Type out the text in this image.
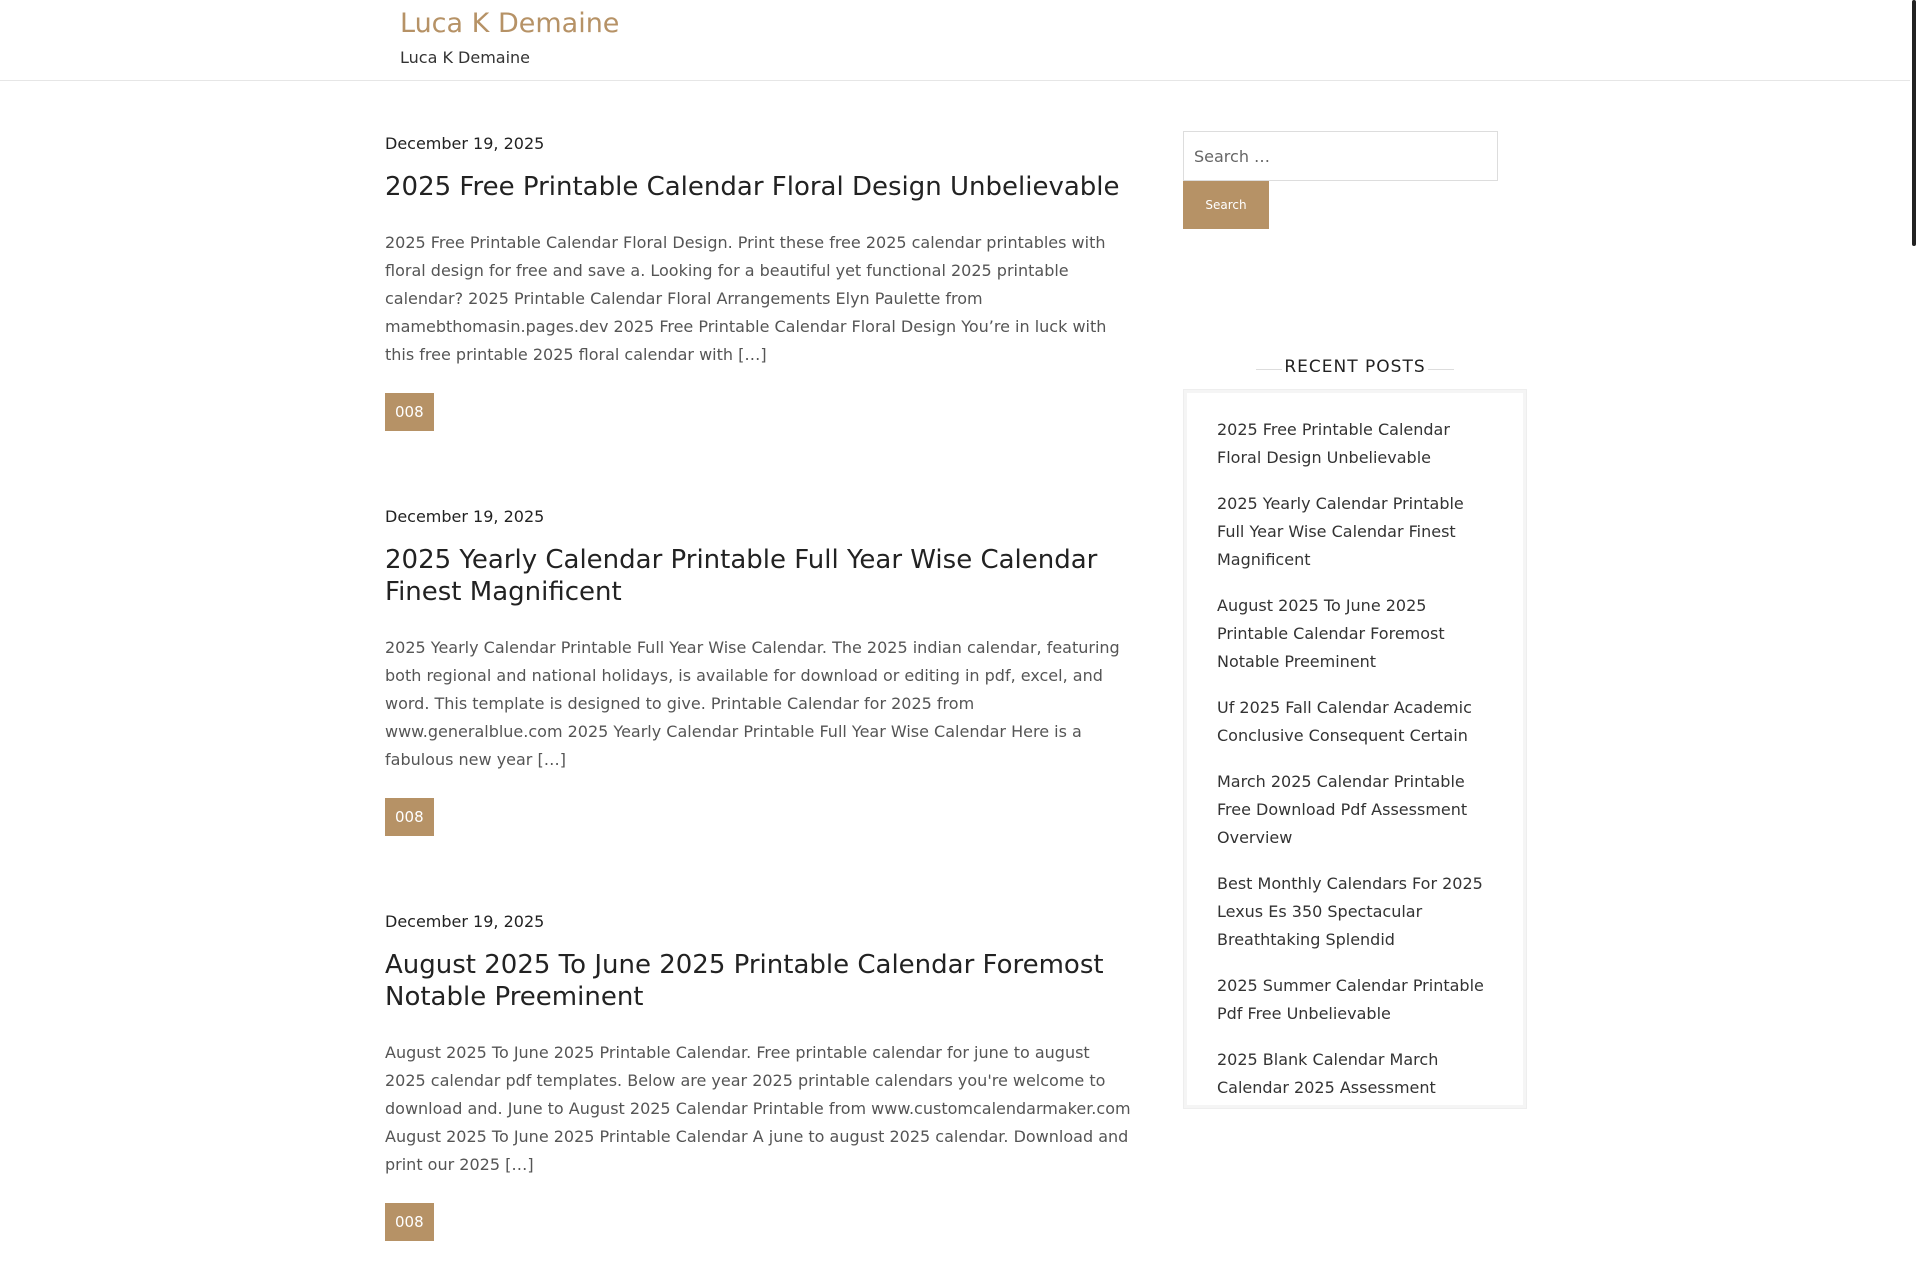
Luca K Demaine
Luca K Demaine
December 19, 2025
2025 Free Printable Calendar Floral Design Unbelievable

2025 Free Printable Calendar Floral Design. Print these free 2025 calendar printables with floral design for free and save a. Looking for a beautiful yet functional 2025 printable calendar? 2025 Printable Calendar Floral Arrangements Elyn Paulette from mamebthomasin.pages.dev 2025 Free Printable Calendar Floral Design You’re in luck with this free printable 2025 floral calendar with […]

008
December 19, 2025
2025 Yearly Calendar Printable Full Year Wise Calendar Finest Magnificent

2025 Yearly Calendar Printable Full Year Wise Calendar. The 2025 indian calendar, featuring both regional and national holidays, is available for download or editing in pdf, excel, and word. This template is designed to give. Printable Calendar for 2025 from www.generalblue.com 2025 Yearly Calendar Printable Full Year Wise Calendar Here is a fabulous new year […]

008
December 19, 2025
August 2025 To June 2025 Printable Calendar Foremost Notable Preeminent

August 2025 To June 2025 Printable Calendar. Free printable calendar for june to august 2025 calendar pdf templates. Below are year 2025 printable calendars you're welcome to download and. June to August 2025 Calendar Printable from www.customcalendarmaker.com August 2025 To June 2025 Printable Calendar A june to august 2025 calendar. Download and print our 2025 […]

008
Search …
Search
RECENT POSTS
2025 Free Printable Calendar Floral Design Unbelievable
2025 Yearly Calendar Printable Full Year Wise Calendar Finest Magnificent
August 2025 To June 2025 Printable Calendar Foremost Notable Preeminent
Uf 2025 Fall Calendar Academic Conclusive Consequent Certain
March 2025 Calendar Printable Free Download Pdf Assessment Overview
Best Monthly Calendars For 2025 Lexus Es 350 Spectacular Breathtaking Splendid
2025 Summer Calendar Printable Pdf Free Unbelievable
2025 Blank Calendar March Calendar 2025 Assessment
